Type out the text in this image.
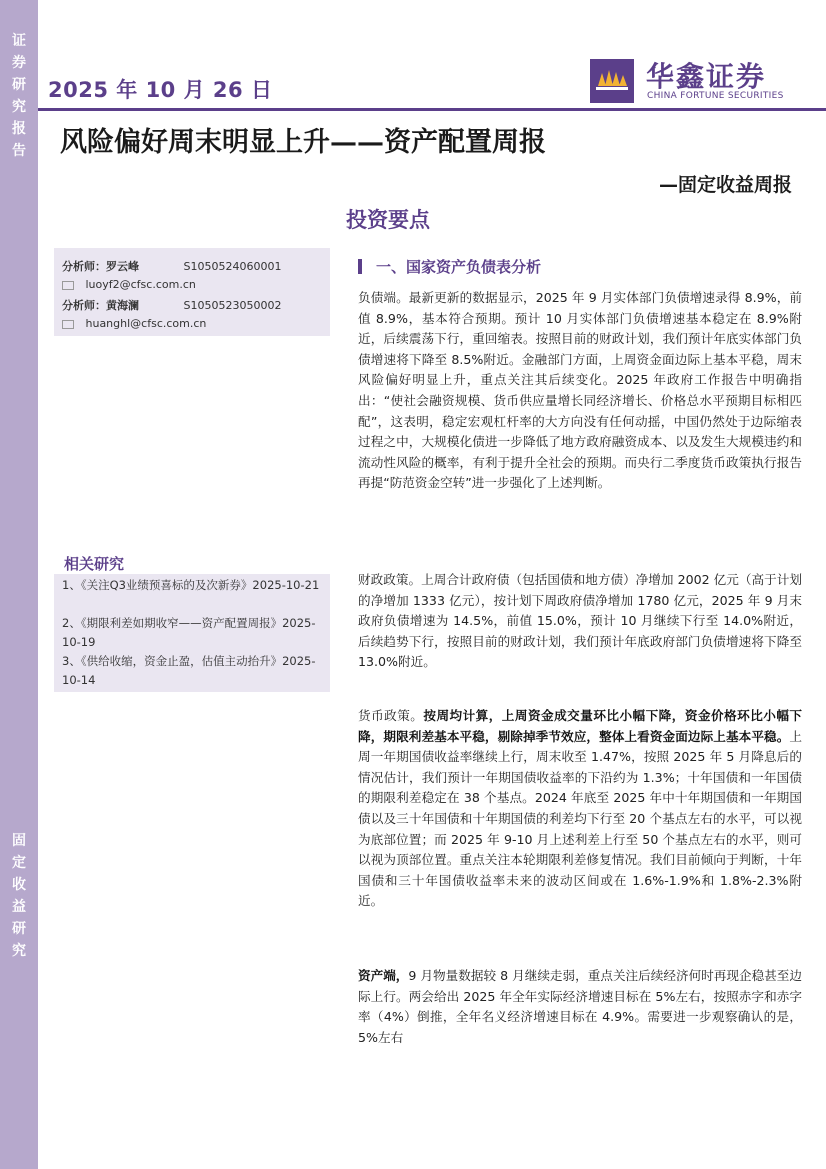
证
券
研
究
报
告
固
定
收
益
研
究
2025 年 10 月 26 日	华鑫证券
CHINA FORTUNE SECURITIES
风险偏好周末明显上升——资产配置周报
—固定收益周报
投资要点
分析师：罗云峰	S1050524060001
luoyf2@cfsc.com.cn
分析师：黄海澜	S1050523050002
huanghl@cfsc.com.cn
相关研究
1、《关注Q3业绩预喜标的及次新券》2025-10-21
2、《期限利差如期收窄——资产配置周报》2025-10-19
3、《供给收缩，资金止盈，估值主动抬升》2025-10-14
一、国家资产负债表分析
负债端。最新更新的数据显示，2025 年 9 月实体部门负债增速录得 8.9%，前值 8.9%，基本符合预期。预计 10 月实体部门负债增速基本稳定在 8.9%附近，后续震荡下行，重回缩表。按照目前的财政计划，我们预计年底实体部门负债增速将下降至 8.5%附近。金融部门方面，上周资金面边际上基本平稳，周末风险偏好明显上升，重点关注其后续变化。2025 年政府工作报告中明确指出：“使社会融资规模、货币供应量增长同经济增长、价格总水平预期目标相匹配”，这表明，稳定宏观杠杆率的大方向没有任何动摇，中国仍然处于边际缩表过程之中，大规模化债进一步降低了地方政府融资成本、以及发生大规模违约和流动性风险的概率，有利于提升全社会的预期。而央行二季度货币政策执行报告再提“防范资金空转”进一步强化了上述判断。
财政政策。上周合计政府债（包括国债和地方债）净增加 2002 亿元（高于计划的净增加 1333 亿元），按计划下周政府债净增加 1780 亿元，2025 年 9 月末政府负债增速为 14.5%，前值 15.0%，预计 10 月继续下行至 14.0%附近，后续趋势下行，按照目前的财政计划，我们预计年底政府部门负债增速将下降至 13.0%附近。
货币政策。按周均计算，上周资金成交量环比小幅下降，资金价格环比小幅下降，期限利差基本平稳，剔除掉季节效应，整体上看资金面边际上基本平稳。上周一年期国债收益率继续上行，周末收至 1.47%，按照 2025 年 5 月降息后的情况估计，我们预计一年期国债收益率的下沿约为 1.3%；十年国债和一年国债的期限利差稳定在 38 个基点。2024 年底至 2025 年中十年期国债和一年期国债以及三十年国债和十年期国债的利差均下行至 20 个基点左右的水平，可以视为底部位置；而 2025 年 9-10 月上述利差上行至 50 个基点左右的水平，则可以视为顶部位置。重点关注本轮期限利差修复情况。我们目前倾向于判断，十年国债和三十年国债收益率未来的波动区间或在 1.6%-1.9%和 1.8%-2.3%附近。
资产端，9 月物量数据较 8 月继续走弱，重点关注后续经济何时再现企稳甚至边际上行。两会给出 2025 年全年实际经济增速目标在 5%左右，按照赤字和赤字率（4%）倒推，全年名义经济增速目标在 4.9%。需要进一步观察确认的是，5%左右
